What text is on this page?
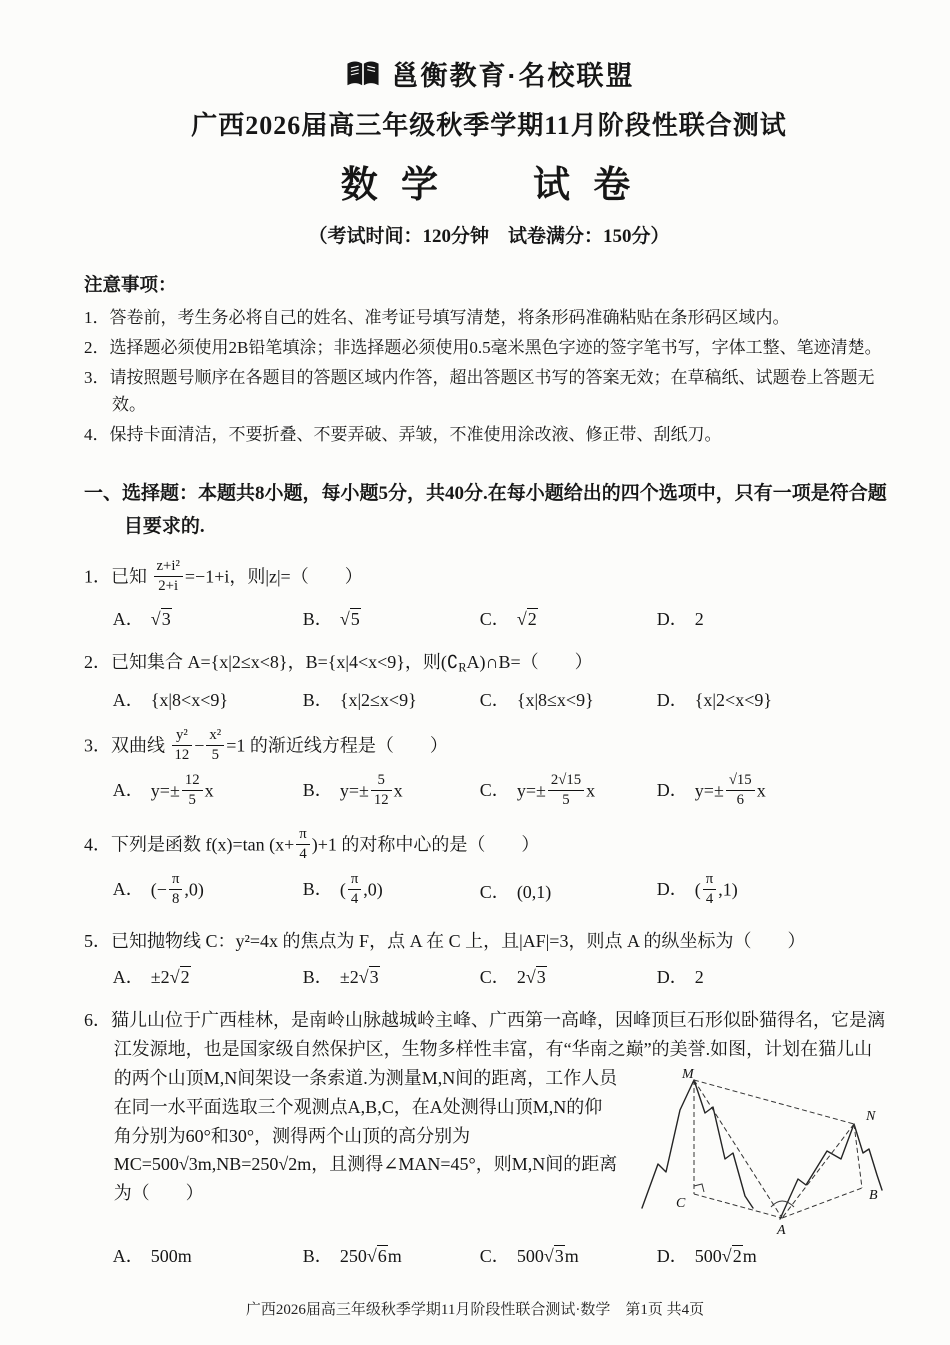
邕衡教育·名校联盟
广西2026届高三年级秋季学期11月阶段性联合测试
数 学　　试 卷
（考试时间：120分钟　试卷满分：150分）
注意事项：
1．答卷前，考生务必将自己的姓名、准考证号填写清楚，将条形码准确粘贴在条形码区域内。
2．选择题必须使用2B铅笔填涂；非选择题必须使用0.5毫米黑色字迹的签字笔书写，字体工整、笔迹清楚。
3．请按照题号顺序在各题目的答题区域内作答，超出答题区书写的答案无效；在草稿纸、试题卷上答题无效。
4．保持卡面清洁，不要折叠、不要弄破、弄皱，不准使用涂改液、修正带、刮纸刀。
一、选择题：本题共8小题，每小题5分，共40分.在每小题给出的四个选项中，只有一项是符合题目要求的.
1．已知 $\frac{\text{z+i²}}{2+i} =-1+i$，则|z|=（　　）
A． √ 3	B． √ 5	C． √ 2	D． 2
2．已知集合 A={x|2≤x<8}，B={x|4<x<9}，则$(∁_RA)\cap B=$（　　）
A． {x|8<x<9}	B． {x|2≤x<9}	C． {x|8≤x<9}	D． {x|2<x<9}
3．双曲线 $\frac{\text{y²}}{12} - \frac{\text{x²}}{5} =1$ 的渐近线方程是（　　）
A． $y=\pm \frac{12}{5}$ x	B． $y=\pm \frac{5}{12}$ x	C． $y=\pm \frac{2√15}{5}$ x	D． $y=\pm \frac{√15}{6}$ x
4．下列是函数 f(x)=tan $(x+ \frac{\pi}{4} )+1$ 的对称中心的是（　　）
A． (− $\frac{\pi}{8} ,0$)	B． ( $\frac{\pi}{4} ,0$)	C． (0,1)	D． ( $\frac{\pi}{4} ,1$)
5．已知抛物线 C：y²=4x 的焦点为 F，点 A 在 C 上，且|AF|=3，则点 A 的纵坐标为（　　）
A． ±2 √ 2	B． ±2 √ 3	C． 2 √ 3	D． 2
6．猫儿山位于广西桂林，是南岭山脉越城岭主峰、广西第一高峰，因峰顶巨石形似卧猫得名，它是漓江发源地，也是国家级自然保护区，生物多样性丰富，有“华南之巅”的美誉.如图，计划在猫儿山
M
N
C
A
B
的两个山顶M,N间架设一条索道.为测量M,N间的距离，工作人员在同一水平面选取三个观测点A,B,C，在A处测得山顶M,N的仰角分别为60°和30°，测得两个山顶的高分别为MC=500√3m,NB=250√2m，且测得∠MAN=45°，则M,N间的距离为（　　）
A． 500m	B． 250 √ 6m	C． 500 √ 3m	D． 500 √ 2m
广西2026届高三年级秋季学期11月阶段性联合测试·数学　第1页 共4页
